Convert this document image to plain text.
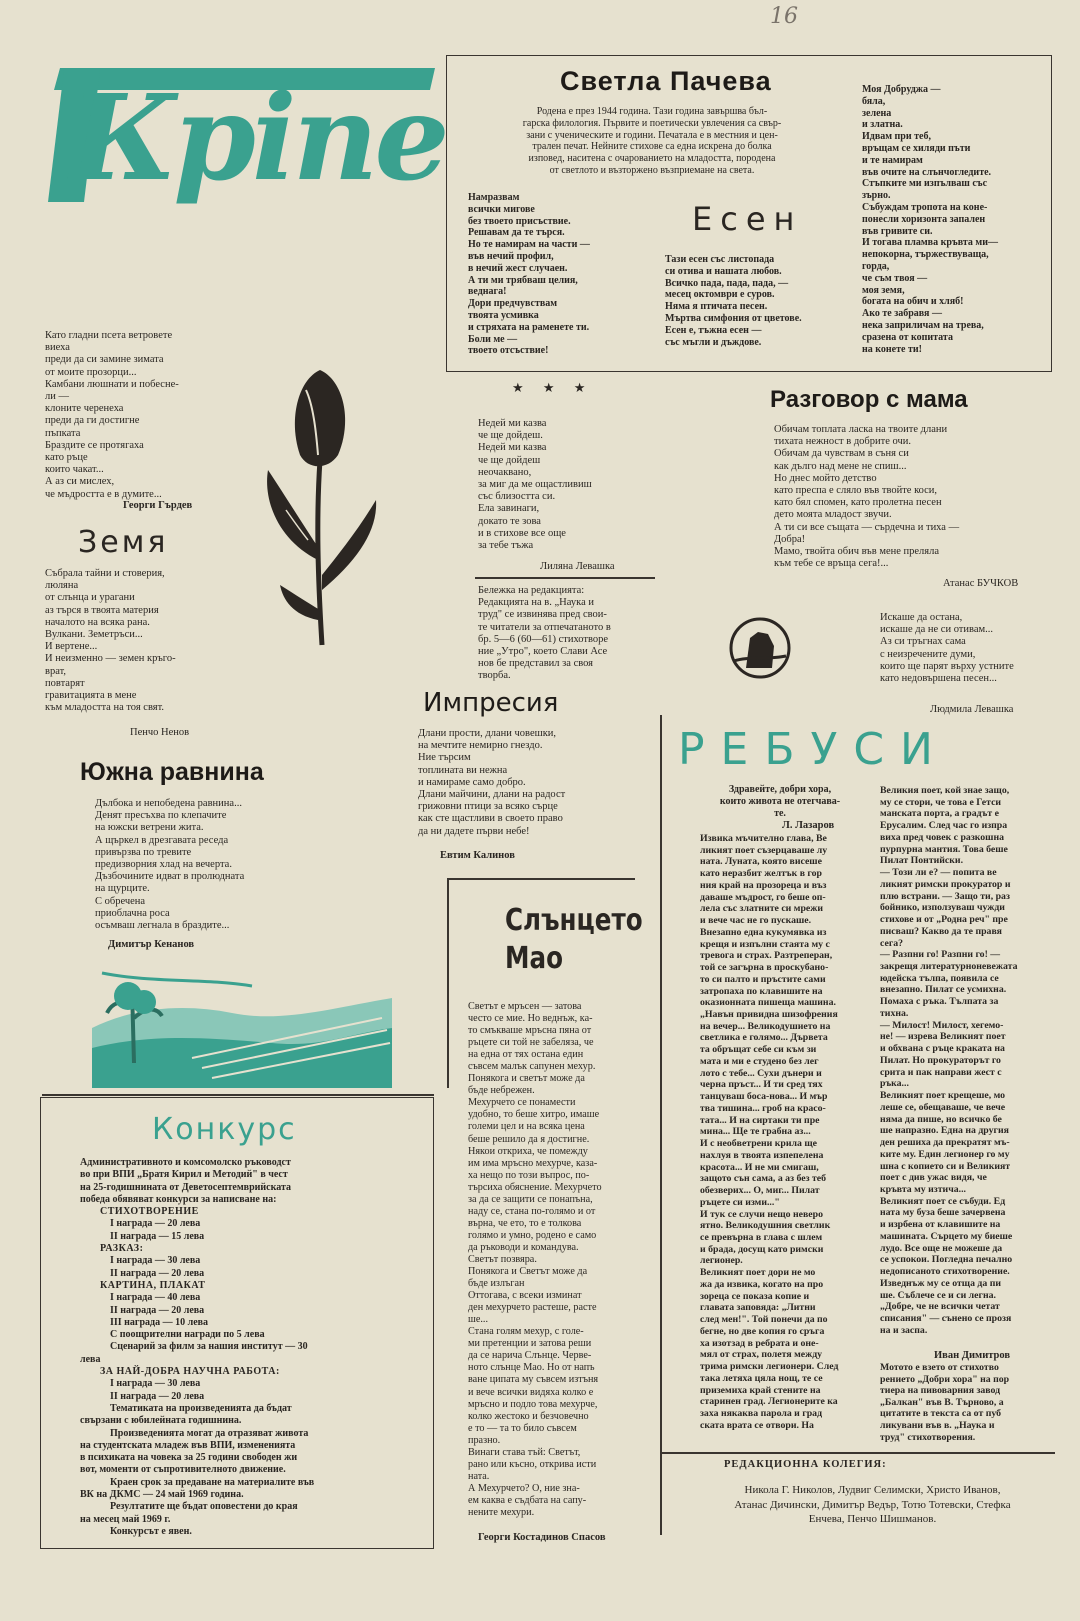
16
Кріпе	Светла Пачева
Родена е през 1944 година. Тази година завършва бъл-
гарска филология. Първите и поетически увлечения са свър-
зани с ученическите и години. Печатала е в местния и цен-
трален печат. Нейните стихове са една искрена до болка
изповед, наситена с очарованието на младостта, породена
от светлото и възторжено възприемане на света.
Намразвам
всички мигове
без твоето присъствие.
Решавам да те търся.
Но те намирам на части —
във нечий профил,
в нечий жест случаен.
А ти ми трябваш целия,
веднага!
Дори предчувствам
твоята усмивка
и стряхата на раменете ти.
Боли ме —
твоето отсъствие!
Есен
Тази есен със листопада
си отива и нашата любов.
Всичко пада, пада, пада, —
месец октомври е суров.
Няма я птичата песен.
Мъртва симфония от цветове.
Есен е, тъжна есен —
със мъгли и дъждове.
Моя Добруджа —
бяла,
зелена
и златна.
Идвам при теб,
връщам се хиляди пъти
и те намирам
във очите на слънчогледите.
Стъпките ми изпълваш със
зърно.
Събуждам тропота на коне-
понесли хоризонта запален
във гривите си.
И тогава пламва кръвта ми—
непокорна, тържествуваща,
горда,
че съм твоя —
моя земя,
богата на обич и хляб!
Ако те забравя —
нека заприличам на трева,
сразена от копитата
на конете ти!
Като гладни псета ветровете
виеха
преди да си замине зимата
от моите прозорци...
Камбани люшнати и побесне-
ли —
клоните черенеха
преди да ги достигне
пъпката
Браздите се протягаха
като ръце
които чакат...
А аз си мислех,
че мъдростта е в думите...
Георги Гърдев
Земя
Събрала тайни и стоверия,
люляна
от слънца и урагани
аз търся в твоята материя
началото на всяка рана.
Вулкани. Земетръси...
И вертене...
И неизменно — земен кръго-
врат,
повтарят
гравитацията в мене
към младостта на тоя свят.
Пенчо Ненов
Южна равнина
Дълбока и непобедена равнина...
Денят пресъхва по клепачите
на южски ветрени жита.
А щъркел в дрезгавата реседа
привързва по тревите
предизворния хлад на вечерта.
Дъзбочините идват в пролюдната
на щурците.
С обречена
приоблачна роса
осъмваш легнала в браздите...
Димитър Кенанов
Конкурс
Административното и комсомолско ръководст
во при ВПИ „Братя Кирил и Методий" в чест
на 25-годишнината от Деветосептемврийската
победа обявяват конкурси за написване на:
СТИХОТВОРЕНИЕ
I награда — 20 лева
II награда — 15 лева
РАЗКАЗ:
I награда — 30 лева
II награда — 20 лева
КАРТИНА, ПЛАКАТ
I награда — 40 лева
II награда — 20 лева
III награда — 10 лева
С поощрителни награди по 5 лева
Сценарий за филм за нашия институт — 30
лева
ЗА НАЙ-ДОБРА НАУЧНА РАБОТА:
I награда — 30 лева
II награда — 20 лева
Тематиката на произведенията да бъдат
свързани с юбилейната годишнина.
Произведенията могат да отразяват живота
на студентската младеж във ВПИ, измененията
в психиката на човека за 25 години свободен жи
вот, моменти от съпротивителното движение.
Краен срок за предаване на материалите във
ВК на ДКМС — 24 май 1969 година.
Резултатите ще бъдат оповестени до края
на месец май 1969 г.
Конкурсът е явен.
★ ★ ★
Недей ми казва
че ще дойдеш.
Недей ми казва
че ще дойдеш
неочаквано,
за миг да ме ощастливиш
със близостта си.
Ела завинаги,
докато те зова
и в стихове все още
за тебе тъжа
Лиляна Левашка
Бележка на редакцията:
Редакцията на в. „Наука и
труд" се извинява пред свои-
те читатели за отпечатаното в
бр. 5—6 (60—61) стихотворе
ние „Утро", което Слави Асе
нов бе представил за своя
творба.
Разговор с мама
Обичам топлата ласка на твоите длани
тихата нежност в добрите очи.
Обичам да чувствам в съня си
как дълго над мене не спиш...
Но днес мойто детство
като преспа е сляло във твойте коси,
като бял спомен, като пролетна песен
дето моята младост звучи.
А ти си все същата — сърдечна и тиха —
Добра!
Мамо, твойта обич във мене преляла
към тебе се връща сега!...
Атанас БУЧКОВ
Искаше да остана,
искаше да не си отивам...
Аз си тръгнах сама
с неизречените думи,
които ще парят върху устните
като недовършена песен...
Людмила Левашка
Импресия
Длани прости, длани човешки,
на мечтите немирно гнездо.
Ние търсим
топлината ви нежна
и намираме само добро.
Длани майчини, длани на радост
грижовни птици за всяко сърце
как сте щастливи в своето право
да ни дадете първи небе!
Евтим Калинов
Слънцето
Мао
Светът е мръсен — затова
често се мие. Но веднъж, ка-
то смъкваше мръсна пяна от
ръцете си той не забеляза, че
на една от тях остана един
съвсем малък сапунен мехур.
Понякога и светът може да
бъде небрежен.
Мехурчето се понамести
удобно, то беше хитро, имаше
големи цел и на всяка цена
беше решило да я достигне.
Някои откриха, че помежду
им има мръсно мехурче, каза-
ха нещо по този въпрос, по-
търсиха обяснение. Мехурчето
за да се защити се понапъна,
наду се, стана по-голямо и от
върна, че ето, то е толкова
голямо и умно, родено е само
да ръководи и командува.
Светът позвяра.
Понякога и Светът може да
бъде излъган
Оттогава, с всеки изминат
ден мехурчето растеше, расте
ше...
Стана голям мехур, с голе-
ми претенции и затова реши
да се нарича Слънце. Черве-
ното слънце Мао. Но от напъ
ване ципата му съвсем изтъня
и вече всички видяха колко е
мръсно и подло това мехурче,
колко жестоко и безчовечно
е то — та то било съвсем
празно.
Винаги става тъй: Светът,
рано или късно, открива исти
ната.
А Мехурчето? О, ние зна-
ем каква е съдбата на сапу-
нените мехури.
Георги Костадинов Спасов
РЕБУСИ
Здравейте, добри хора,
които живота не отегчава-
те.
Л. Лазаров
Извика мъчително глава, Ве
ликият поет съзерцаваше лу
ната. Луната, която висеше
като неразбит желтък в гор
ния край на прозореца и въз
даваше мъдрост, го беше оп-
лела със златните си мрежи
и вече час не го пускаше.
Внезапно една кукумявка из
крещя и изпълни стаята му с
тревога и страх. Разтреперан,
той се загърна в проскубано-
то си палто и пръстите сами
затропаха по клавишите на
оказионната пишеща машина.
„Навън привидна шизофрения
на вечер... Великодушието на
светлика е голямо... Дървета
та обръщат себе си към зи
мата и ми е студено без лег
лото с тебе... Сухи дънери и
черна пръст... И ти сред тях
танцуваш боса-нова... И мър
тва тишина... гроб на красо-
тата... И на сиртаки ти пре
мина... Ще те грабна аз...
И с необветрени крила ще
нахлуя в твоята изпепелена
красота... И не ми смигаш,
защото сън сама, а аз без теб
обезверих... О, миг... Пилат
ръцете си изми..."
И тук се случи нещо неверо
ятно. Великодушния светлик
се превърна в глава с шлем
и брада, досущ като римски
легионер.
Великият поет дори не мо
жа да извика, когато на про
зореца се показа копие и
главата заповяда: „Литни
след мен!". Той понечи да по
бегне, но две копия го сръга
ха изотзад в ребрата и оне-
мял от страх, полетя между
трима римски легионери. След
така летяха цяла нощ, те се
приземиха край стените на
старинен град. Легионерите ка
заха някаква парола и град
ската врата се отвори. На
Великия поет, кой знае защо,
му се стори, че това е Гетси
манската порта, а градът е
Ерусалим. След час го изпра
виха пред човек с разкошна
пурпурна мантия. Това беше
Пилат Понтийски.
— Този ли е? — попита ве
ликият римски прокуратор и
плю встрани. — Защо ти, раз
бойнико, използуваш чужди
стихове и от „Родна реч" пре
писваш? Какво да те правя
сега?
— Разпни го! Разпни го! —
закрещя литературноневежата
юдейска тълпа, появила се
внезапно. Пилат се усмихна.
Помаха с ръка. Тълпата за
тихна.
— Милост! Милост, хегемо-
не! — изрева Великият поет
и обхвана с ръце краката на
Пилат. Но прокураторът го
срита и пак направи жест с
ръка...
Великият поет крещеше, мо
леше се, обещаваше, че вече
няма да пише, но всичко бе
ше напразно. Една на другия
ден решиха да прекратят мъ-
ките му. Един легионер го му
шна с копието си и Великият
поет с див ужас видя, че
кръвта му изтича...
Великият поет се събуди. Ед
ната му буза беше зачервена
и изрбена от клавишите на
машината. Сърцето му биеше
лудо. Все още не можеше да
се успокои. Погледна печално
недописаното стихотворение.
Изведнъж му се отща да пи
ше. Съблече се и си легна.
„Добре, че не всички четат
списания" — сънено се прозя
на и заспа.
Иван Димитров
Мотото е взето от стихотво
рението „Добри хора" на пор
тиера на пивоварния завод
„Балкан" във В. Търново, а
цитатите в текста са от пуб
ликувани във в. „Наука и
труд" стихотворения.
РЕДАКЦИОННА КОЛЕГИЯ:
Никола Г. Николов, Лудвиг Селимски, Христо Иванов,
Атанас Дичински, Димитър Ведър, Тотю Тотевски, Стефка
Енчева, Пенчо Шишманов.
